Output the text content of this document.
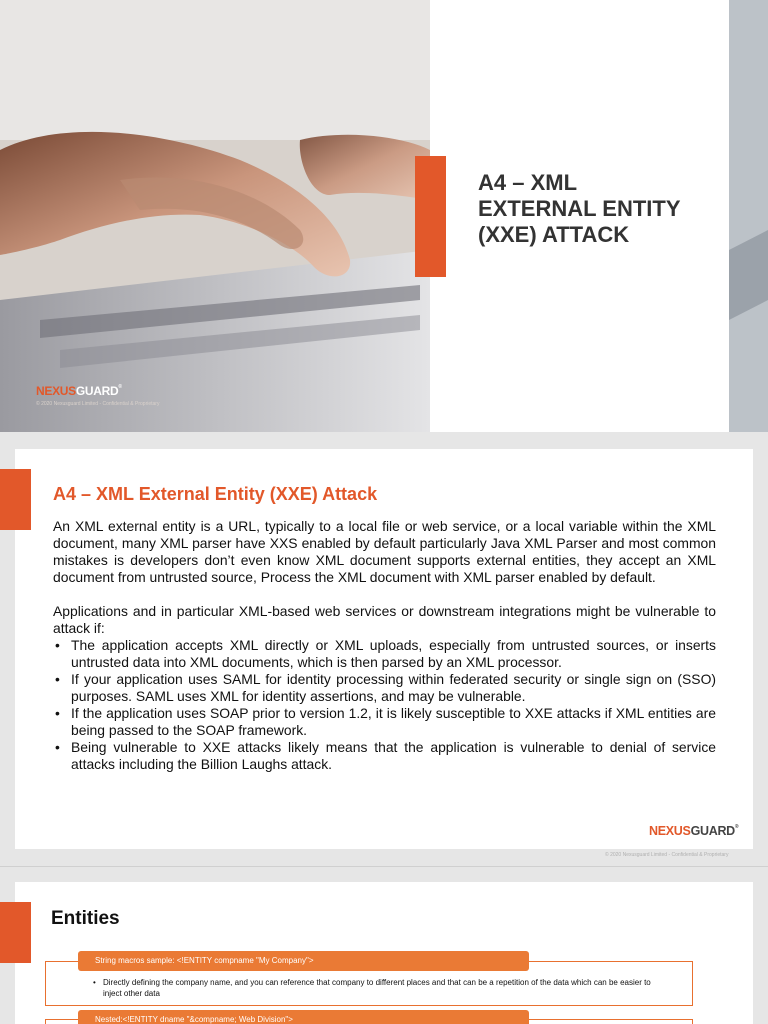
A4 – XML EXTERNAL ENTITY (XXE) ATTACK
NEXUSGUARD®
© 2020 Nexusguard Limited - Confidential & Proprietary
A4 – XML External Entity (XXE) Attack

An XML external entity is a URL, typically to a local file or web service, or a local variable within the XML document, many XML parser have XXS enabled by default particularly Java XML Parser and most common mistakes is developers don’t even know XML document supports external entities, they accept an XML document from untrusted source, Process the XML document with XML parser enabled by default.

Applications and in particular XML-based web services or downstream integrations might be vulnerable to attack if:

• The application accepts XML directly or XML uploads, especially from untrusted sources, or inserts untrusted data into XML documents, which is then parsed by an XML processor.
• If your application uses SAML for identity processing within federated security or single sign on (SSO) purposes. SAML uses XML for identity assertions, and may be vulnerable.
• If the application uses SOAP prior to version 1.2, it is likely susceptible to XXE attacks if XML entities are being passed to the SOAP framework.
• Being vulnerable to XXE attacks likely means that the application is vulnerable to denial of service attacks including the Billion Laughs attack.
NEXUSGUARD®
© 2020 Nexusguard Limited - Confidential & Proprietary
Entities
String macros sample: <!ENTITY compname "My Company">
• Directly defining the company name, and you can reference that company to different places and that can be a repetition of the data which can be easier to inject other data
Nested:<!ENTITY dname "&compname; Web Division">
